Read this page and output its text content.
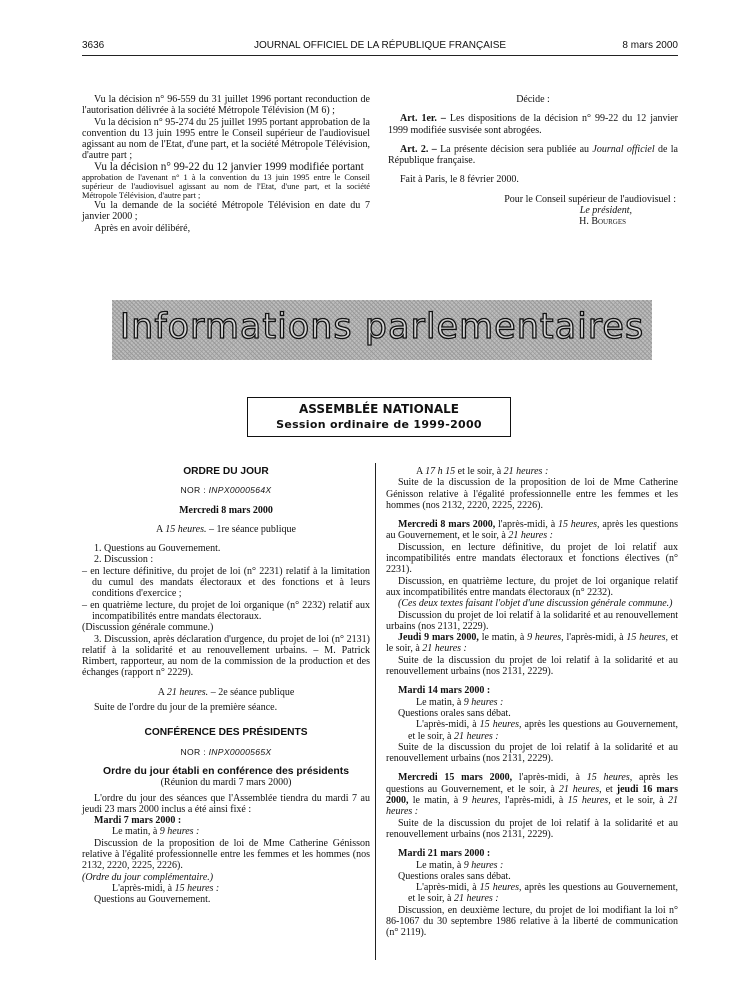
3636	JOURNAL OFFICIEL DE LA RÉPUBLIQUE FRANÇAISE	8 mars 2000

Vu la décision n° 96-559 du 31 juillet 1996 portant reconduction de l'autorisation délivrée à la société Métropole Télévision (M 6) ;

Vu la décision n° 95-274 du 25 juillet 1995 portant approbation de la convention du 13 juin 1995 entre le Conseil supérieur de l'audiovisuel agissant au nom de l'Etat, d'une part, et la société Métropole Télévision, d'autre part ;

Vu la décision n° 99-22 du 12 janvier 1999 modifiée portant

approbation de l'avenant n° 1 à la convention du 13 juin 1995 entre le Conseil supérieur de l'audiovisuel agissant au nom de l'Etat, d'une part, et la société Métropole Télévision, d'autre part ;

Vu la demande de la société Métropole Télévision en date du 7 janvier 2000 ;

Après en avoir délibéré,

Décide :

Art. 1er. – Les dispositions de la décision n° 99-22 du 12 janvier 1999 modifiée susvisée sont abrogées.

Art. 2. – La présente décision sera publiée au Journal officiel de la République française.

Fait à Paris, le 8 février 2000.

Pour le Conseil supérieur de l'audiovisuel :

Le président,

H. Bourges

Informations parlementaires
ASSEMBLÉE NATIONALE
Session ordinaire de 1999-2000

ORDRE DU JOUR

NOR : INPX0000564X

Mercredi 8 mars 2000

A 15 heures. – 1re séance publique

1. Questions au Gouvernement.

2. Discussion :

– en lecture définitive, du projet de loi (n° 2231) relatif à la limitation du cumul des mandats électoraux et des fonctions et à leurs conditions d'exercice ;

– en quatrième lecture, du projet de loi organique (n° 2232) relatif aux incompatibilités entre mandats électoraux.

(Discussion générale commune.)

3. Discussion, après déclaration d'urgence, du projet de loi (n° 2131) relatif à la solidarité et au renouvellement urbains. – M. Patrick Rimbert, rapporteur, au nom de la commission de la production et des échanges (rapport n° 2229).

A 21 heures. – 2e séance publique

Suite de l'ordre du jour de la première séance.

CONFÉRENCE DES PRÉSIDENTS

NOR : INPX0000565X

Ordre du jour établi en conférence des présidents

(Réunion du mardi 7 mars 2000)

L'ordre du jour des séances que l'Assemblée tiendra du mardi 7 au jeudi 23 mars 2000 inclus a été ainsi fixé :

Mardi 7 mars 2000 :

Le matin, à 9 heures :

Discussion de la proposition de loi de Mme Catherine Génisson relative à l'égalité professionnelle entre les femmes et les hommes (nos 2132, 2220, 2225, 2226).

(Ordre du jour complémentaire.)

L'après-midi, à 15 heures :

Questions au Gouvernement.

A 17 h 15 et le soir, à 21 heures :

Suite de la discussion de la proposition de loi de Mme Catherine Génisson relative à l'égalité professionnelle entre les femmes et les hommes (nos 2132, 2220, 2225, 2226).

Mercredi 8 mars 2000, l'après-midi, à 15 heures, après les questions au Gouvernement, et le soir, à 21 heures :

Discussion, en lecture définitive, du projet de loi relatif aux incompatibilités entre mandats électoraux et fonctions électives (n° 2231).

Discussion, en quatrième lecture, du projet de loi organique relatif aux incompatibilités entre mandats électoraux (n° 2232).

(Ces deux textes faisant l'objet d'une discussion générale commune.)

Discussion du projet de loi relatif à la solidarité et au renouvellement urbains (nos 2131, 2229).

Jeudi 9 mars 2000, le matin, à 9 heures, l'après-midi, à 15 heures, et le soir, à 21 heures :

Suite de la discussion du projet de loi relatif à la solidarité et au renouvellement urbains (nos 2131, 2229).

Mardi 14 mars 2000 :

Le matin, à 9 heures :

Questions orales sans débat.

L'après-midi, à 15 heures, après les questions au Gouvernement, et le soir, à 21 heures :

Suite de la discussion du projet de loi relatif à la solidarité et au renouvellement urbains (nos 2131, 2229).

Mercredi 15 mars 2000, l'après-midi, à 15 heures, après les questions au Gouvernement, et le soir, à 21 heures, et jeudi 16 mars 2000, le matin, à 9 heures, l'après-midi, à 15 heures, et le soir, à 21 heures :

Suite de la discussion du projet de loi relatif à la solidarité et au renouvellement urbains (nos 2131, 2229).

Mardi 21 mars 2000 :

Le matin, à 9 heures :

Questions orales sans débat.

L'après-midi, à 15 heures, après les questions au Gouvernement, et le soir, à 21 heures :

Discussion, en deuxième lecture, du projet de loi modifiant la loi n° 86-1067 du 30 septembre 1986 relative à la liberté de communication (n° 2119).
